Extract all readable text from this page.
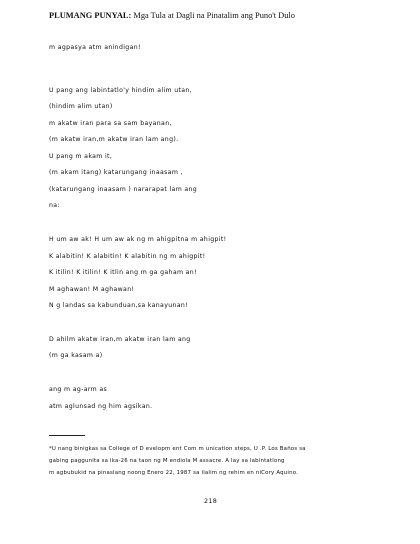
PLUMANG PUNYAL: Mga Tula at Dagli na Pinatalim ang Puno't Dulo
m agpasya atm anindigan!
U pang ang labintatlo'y hindim alim utan,
(hindim alim utan)
m akatw iran para sa sam bayanan,
(m akatw iran,m akatw iran lam ang).
U pang m akam it,
(m akam itang) katarungang inaasam ,
(katarungang inaasam ) nararapat lam ang
na:
H um aw ak! H um aw ak ng m ahigpitna m ahigpit!
K alabitin! K alabitin! K alabitin ng m ahigpit!
K itilin! K itilin! K itlin ang m ga gaham an!
M aghawan! M aghawan!
N g landas sa kabunduan,sa kanayunan!
D ahilm akatw iran,m akatw iran lam ang
(m ga kasam a)
ang m ag-arm as
atm aglunsad ng him agsikan.
*U nang binigkas sa College of D evelopm ent Com m unication steps, U .P. Los Baños sa
gabing paggunita sa ika-26 na taon ng M endiola M assacre. A lay sa labintatlong
m agbubukid na pinaslang noong Enero 22, 1987 sa ilalim ng rehim en niCory Aquino.
218
